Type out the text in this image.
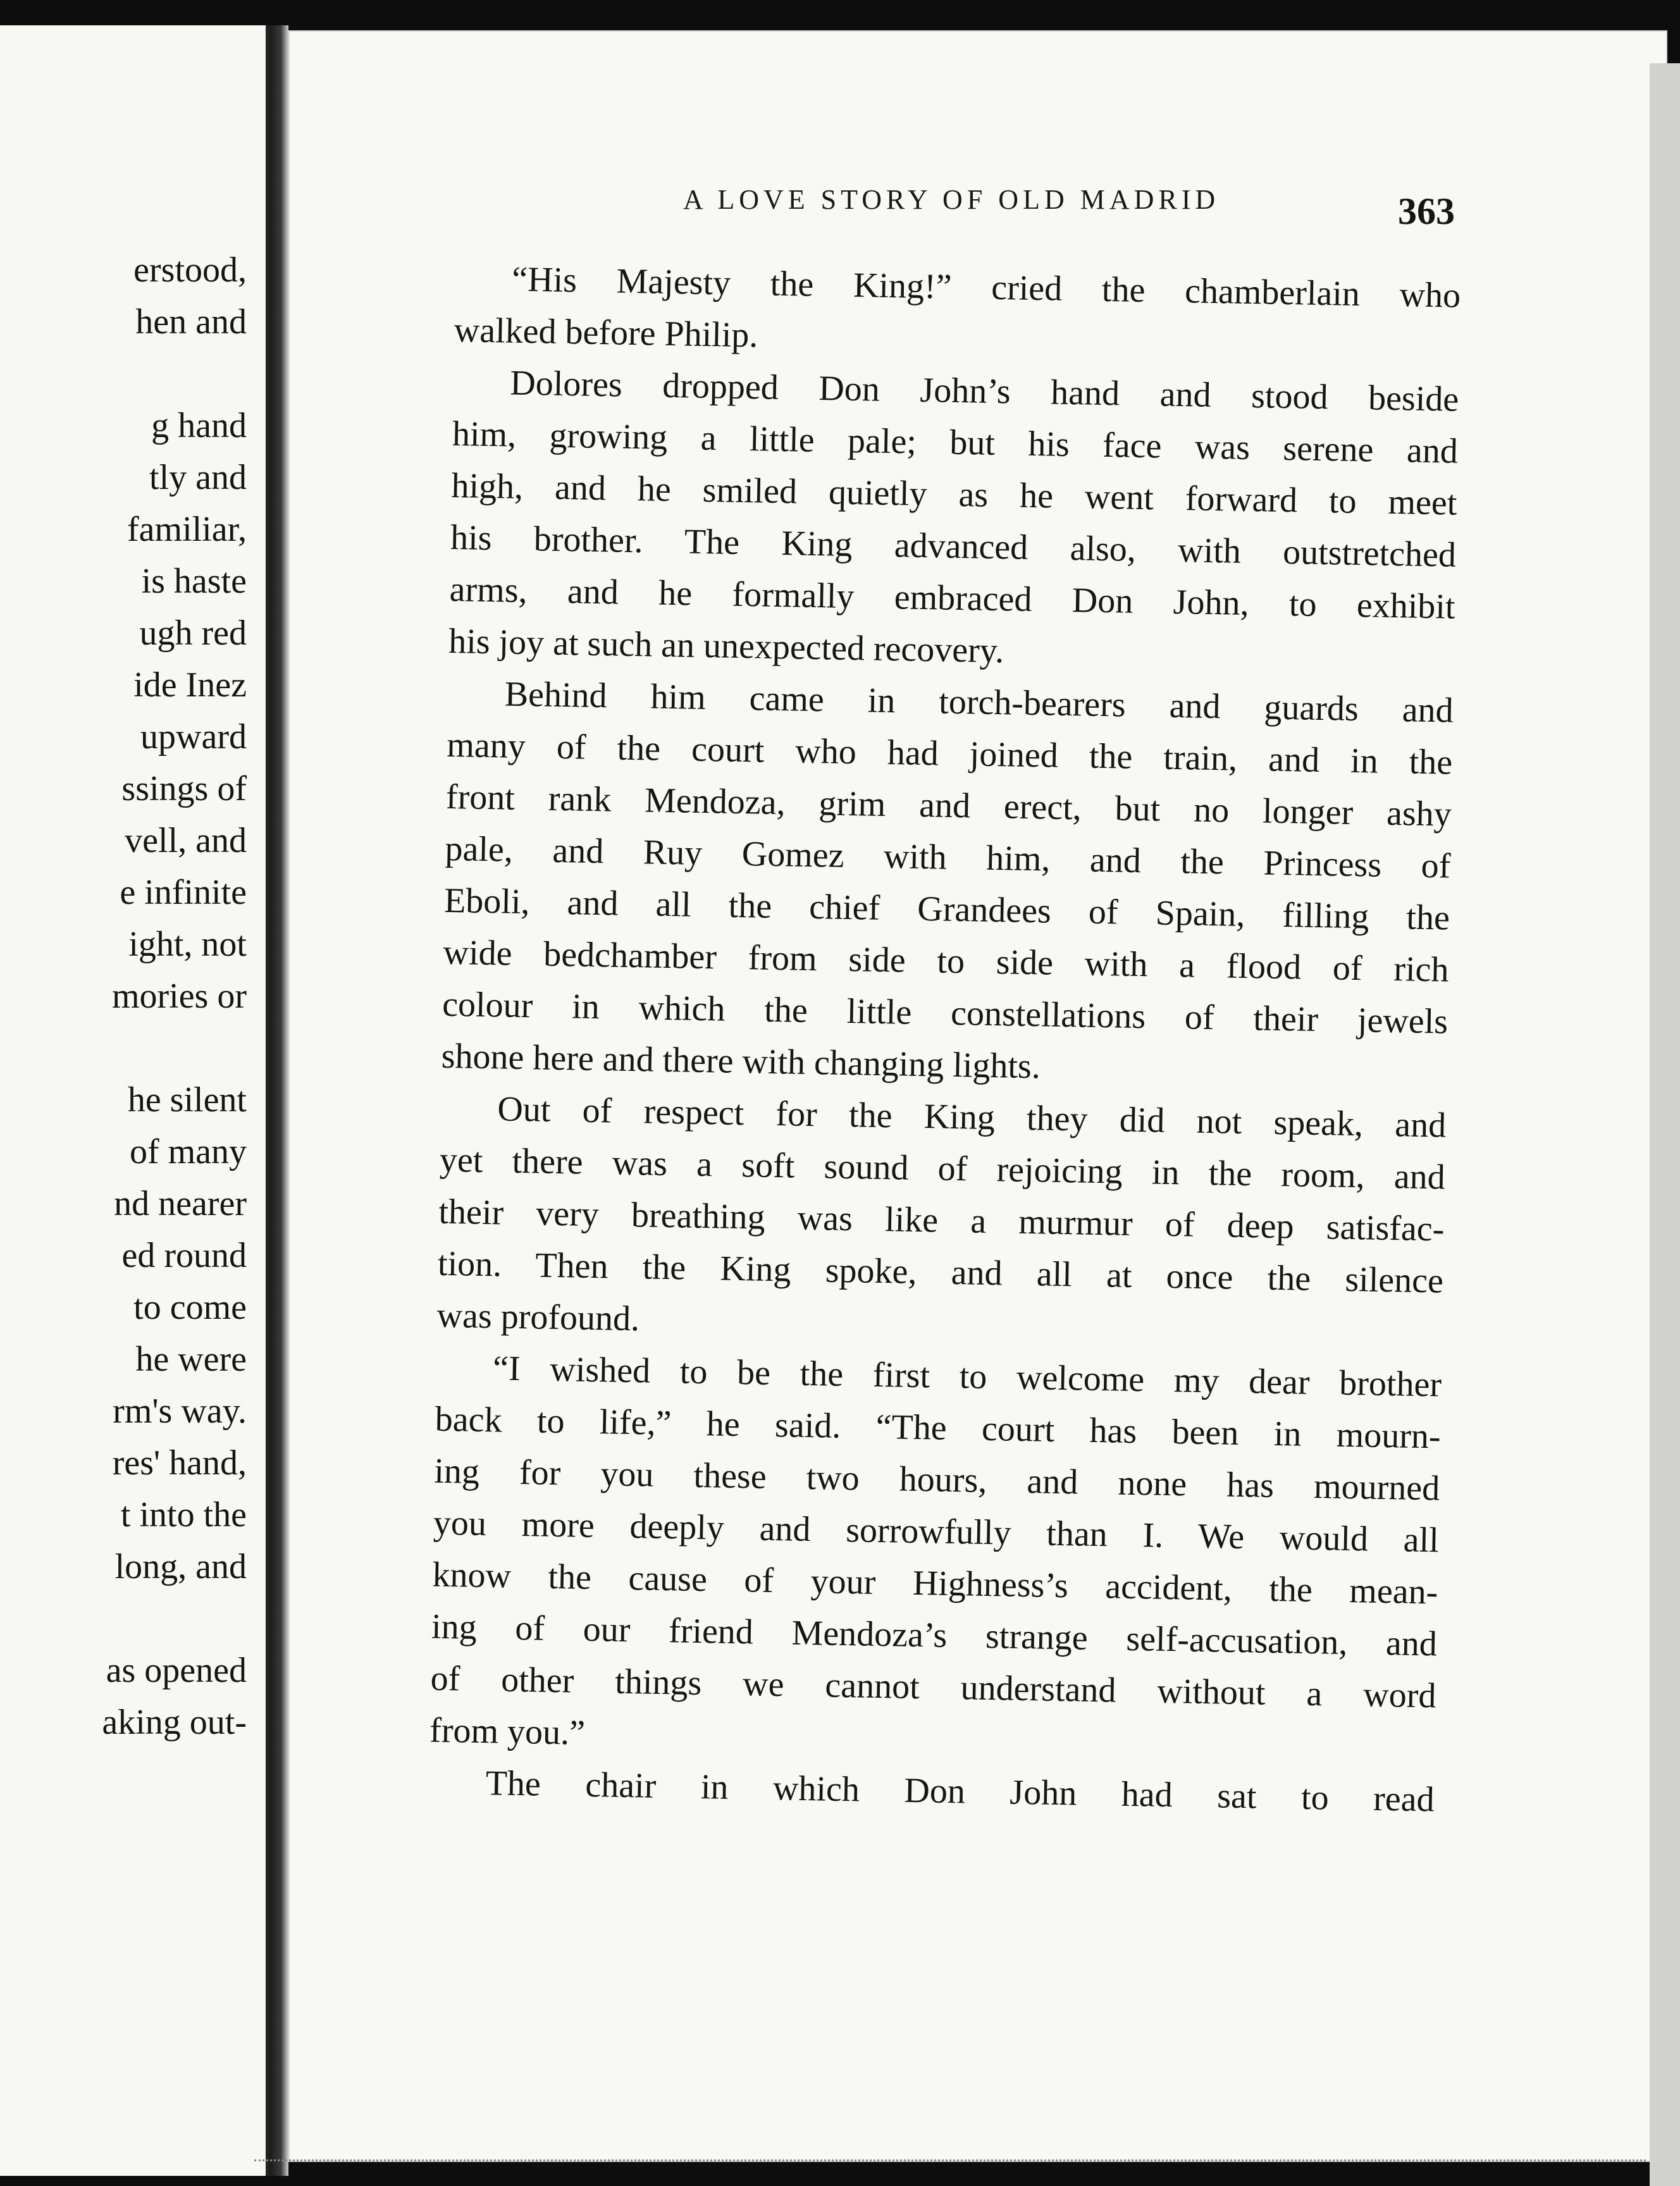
erstood,
hen and
g hand
tly and
familiar,
is haste
ugh red
ide Inez
upward
ssings of
vell, and
e infinite
ight, not
mories or
he silent
of many
nd nearer
ed round
to come
he were
rm's way.
res' hand,
t into the
long, and
as opened
aking out-
A LOVE STORY OF OLD MADRID	363
“His Majesty the King!” cried the chamberlain who
walked before Philip.
Dolores dropped Don John’s hand and stood beside
him, growing a little pale; but his face was serene and
high, and he smiled quietly as he went forward to meet
his brother. The King advanced also, with outstretched
arms, and he formally embraced Don John, to exhibit
his joy at such an unexpected recovery.
Behind him came in torch-bearers and guards and
many of the court who had joined the train, and in the
front rank Mendoza, grim and erect, but no longer ashy
pale, and Ruy Gomez with him, and the Princess of
Eboli, and all the chief Grandees of Spain, filling the
wide bedchamber from side to side with a flood of rich
colour in which the little constellations of their jewels
shone here and there with changing lights.
Out of respect for the King they did not speak, and
yet there was a soft sound of rejoicing in the room, and
their very breathing was like a murmur of deep satisfac-
tion. Then the King spoke, and all at once the silence
was profound.
“I wished to be the first to welcome my dear brother
back to life,” he said. “The court has been in mourn-
ing for you these two hours, and none has mourned
you more deeply and sorrowfully than I. We would all
know the cause of your Highness’s accident, the mean-
ing of our friend Mendoza’s strange self-accusation, and
of other things we cannot understand without a word
from you.”
The chair in which Don John had sat to read
